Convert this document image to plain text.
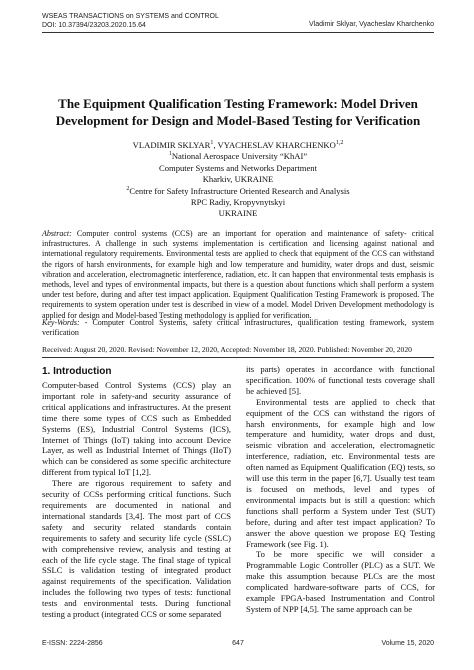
WSEAS TRANSACTIONS on SYSTEMS and CONTROL
DOI: 10.37394/23203.2020.15.64	Vladimir Sklyar, Vyacheslav Kharchenko
The Equipment Qualification Testing Framework: Model Driven
Development for Design and Model-Based Testing for Verification
VLADIMIR SKLYAR$^1$, VYACHESLAV KHARCHENKO$^{1,2}$
$^1$National Aerospace University “KhAI”
Computer Systems and Networks Department
Kharkiv, UKRAINE
$^2$Centre for Safety Infrastructure Oriented Research and Analysis
RPC Radiy, Kropyvnytskyi
UKRAINE
Abstract: Computer control systems (CCS) are an important for operation and maintenance of safety- critical infrastructures. A challenge in such systems implementation is certification and licensing against national and international regulatory requirements. Environmental tests are applied to check that equipment of the CCS can withstand the rigors of harsh environments, for example high and low temperature and humidity, water drops and dust, seismic vibration and acceleration, electromagnetic interference, radiation, etc. It can happen that environmental tests emphasis is methods, level and types of environmental impacts, but there is a question about functions which shall perform a system under test before, during and after test impact application. Equipment Qualification Testing Framework is proposed. The requirements to system operation under test is described in view of a model. Model Driven Development methodology is applied for design and Model-based Testing methodology is applied for verification.
Key-Words: - Computer Control Systems, safety critical infrastructures, qualification testing framework, system verification
Received: August 20, 2020. Revised: November 12, 2020, Accepted: November 18, 2020. Published: November 20, 2020
1. Introduction

Computer-based Control Systems (CCS) play an important role in safety-and security assurance of critical applications and infrastructures. At the present time there some types of CCS such as Embedded Systems (ES), Industrial Control Systems (ICS), Internet of Things (IoT) taking into account Device Layer, as well as Industrial Internet of Things (IIoT) which can be considered as some specific architecture different from typical IoT [1,2].

There are rigorous requirement to safety and security of CCSs performing critical functions. Such requirements are documented in national and international standards [3,4]. The most part of CCS safety and security related standards contain requirements to safety and security life cycle (SSLC) with comprehensive review, analysis and testing at each of the life cycle stage. The final stage of typical SSLC is validation testing of integrated product against requirements of the specification. Validation includes the following two types of tests: functional tests and environmental tests. During functional testing a product (integrated CCS or some separated

its parts) operates in accordance with functional specification. 100% of functional tests coverage shall be achieved [5].

Environmental tests are applied to check that equipment of the CCS can withstand the rigors of harsh environments, for example high and low temperature and humidity, water drops and dust, seismic vibration and acceleration, electromagnetic interference, radiation, etc. Environmental tests are often named as Equipment Qualification (EQ) tests, so will use this term in the paper [6,7]. Usually test team is focused on methods, level and types of environmental impacts but is still a question: which functions shall perform a System under Test (SUT) before, during and after test impact application? To answer the above question we propose EQ Testing Framework (see Fig. 1).

To be more specific we will consider a Programmable Logic Controller (PLC) as a SUT. We make this assumption because PLCs are the most complicated hardware-software parts of CCS, for example FPGA-based Instrumentation and Control System of NPP [4,5]. The same approach can be

E-ISSN: 2224-2856	647	Volume 15, 2020
